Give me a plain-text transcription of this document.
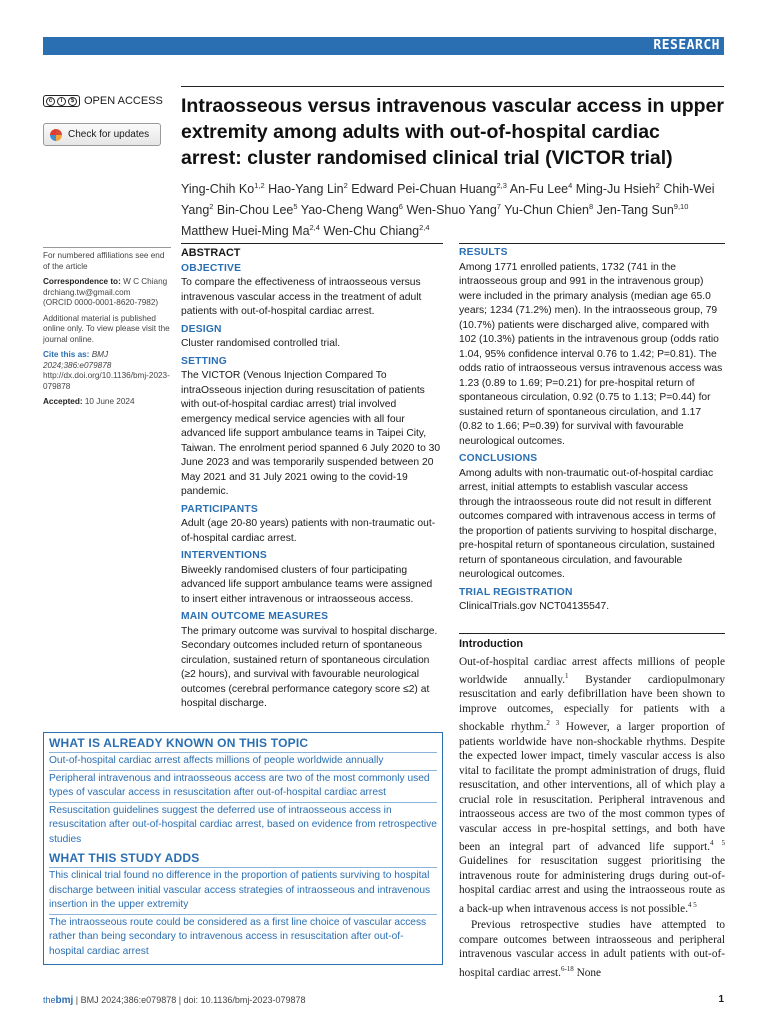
RESEARCH
c	i	$ OPEN ACCESS
Check for updates
Intraosseous versus intravenous vascular access in upper extremity among adults with out-of-hospital cardiac arrest: cluster randomised clinical trial (VICTOR trial)
Ying-Chih Ko$^{1,2}$ Hao-Yang Lin$^2$ Edward Pei-Chuan Huang$^{2,3}$ An-Fu Lee$^4$ Ming-Ju Hsieh$^2$ Chih-Wei Yang$^2$ Bin-Chou Lee$^5$ Yao-Cheng Wang$^6$ Wen-Shuo Yang$^7$ Yu-Chun Chien$^8$ Jen-Tang Sun$^{9,10}$ Matthew Huei-Ming Ma$^{2,4}$ Wen-Chu Chiang$^{2,4}$
For numbered affiliations see end of the article
Correspondence to: W C Chiang
drchiang.tw@gmail.com
(ORCID 0000-0001-8620-7982)
Additional material is published online only. To view please visit the journal online.
Cite this as: BMJ 2024;386:e079878
http://dx.doi.org/10.1136/bmj-2023-079878
Accepted: 10 June 2024
ABSTRACT
OBJECTIVE
To compare the effectiveness of intraosseous versus intravenous vascular access in the treatment of adult patients with out-of-hospital cardiac arrest.
DESIGN
Cluster randomised controlled trial.
SETTING
The VICTOR (Venous Injection Compared To intraOsseous injection during resuscitation of patients with out-of-hospital cardiac arrest) trial involved emergency medical service agencies with all four advanced life support ambulance teams in Taipei City, Taiwan. The enrolment period spanned 6 July 2020 to 30 June 2023 and was temporarily suspended between 20 May 2021 and 31 July 2021 owing to the covid-19 pandemic.
PARTICIPANTS
Adult (age 20-80 years) patients with non-traumatic out-of-hospital cardiac arrest.
INTERVENTIONS
Biweekly randomised clusters of four participating advanced life support ambulance teams were assigned to insert either intravenous or intraosseous access.
MAIN OUTCOME MEASURES
The primary outcome was survival to hospital discharge. Secondary outcomes included return of spontaneous circulation, sustained return of spontaneous circulation (≥2 hours), and survival with favourable neurological outcomes (cerebral performance category score ≤2) at hospital discharge.
RESULTS
Among 1771 enrolled patients, 1732 (741 in the intraosseous group and 991 in the intravenous group) were included in the primary analysis (median age 65.0 years; 1234 (71.2%) men). In the intraosseous group, 79 (10.7%) patients were discharged alive, compared with 102 (10.3%) patients in the intravenous group (odds ratio 1.04, 95% confidence interval 0.76 to 1.42; P=0.81). The odds ratio of intraosseous versus intravenous access was 1.23 (0.89 to 1.69; P=0.21) for pre-hospital return of spontaneous circulation, 0.92 (0.75 to 1.13; P=0.44) for sustained return of spontaneous circulation, and 1.17 (0.82 to 1.66; P=0.39) for survival with favourable neurological outcomes.
CONCLUSIONS
Among adults with non-traumatic out-of-hospital cardiac arrest, initial attempts to establish vascular access through the intraosseous route did not result in different outcomes compared with intravenous access in terms of the proportion of patients surviving to hospital discharge, pre-hospital return of spontaneous circulation, sustained return of spontaneous circulation, and favourable neurological outcomes.
TRIAL REGISTRATION
ClinicalTrials.gov NCT04135547.
Introduction

Out-of-hospital cardiac arrest affects millions of people worldwide annually.$^1$ Bystander cardiopulmonary resuscitation and early defibrillation have been shown to improve outcomes, especially for patients with a shockable rhythm.$^{2 3}$ However, a larger proportion of patients worldwide have non-shockable rhythms. Despite the expected lower impact, timely vascular access is also vital to facilitate the prompt administration of drugs, fluid resuscitation, and other interventions, all of which play a crucial role in resuscitation. Peripheral intravenous and intraosseous access are two of the most common types of vascular access in pre-hospital settings, and both have been an integral part of advanced life support.$^{4 5}$ Guidelines for resuscitation suggest prioritising the intravenous route for administering drugs during out-of-hospital cardiac arrest and using the intraosseous route as a back-up when intravenous access is not possible.$^{4 5}$

Previous retrospective studies have attempted to compare outcomes between intraosseous and peripheral intravenous vascular access in adult patients with out-of-hospital cardiac arrest.$^{6-18}$ None

WHAT IS ALREADY KNOWN ON THIS TOPIC
Out-of-hospital cardiac arrest affects millions of people worldwide annually
Peripheral intravenous and intraosseous access are two of the most commonly used types of vascular access in resuscitation after out-of-hospital cardiac arrest
Resuscitation guidelines suggest the deferred use of intraosseous access in resuscitation after out-of-hospital cardiac arrest, based on evidence from retrospective studies
WHAT THIS STUDY ADDS
This clinical trial found no difference in the proportion of patients surviving to hospital discharge between initial vascular access strategies of intraosseous and intravenous insertion in the upper extremity
The intraosseous route could be considered as a first line choice of vascular access rather than being secondary to intravenous access in resuscitation after out-of-hospital cardiac arrest
thebmj | BMJ 2024;386:e079878 | doi: 10.1136/bmj-2023-079878	1
